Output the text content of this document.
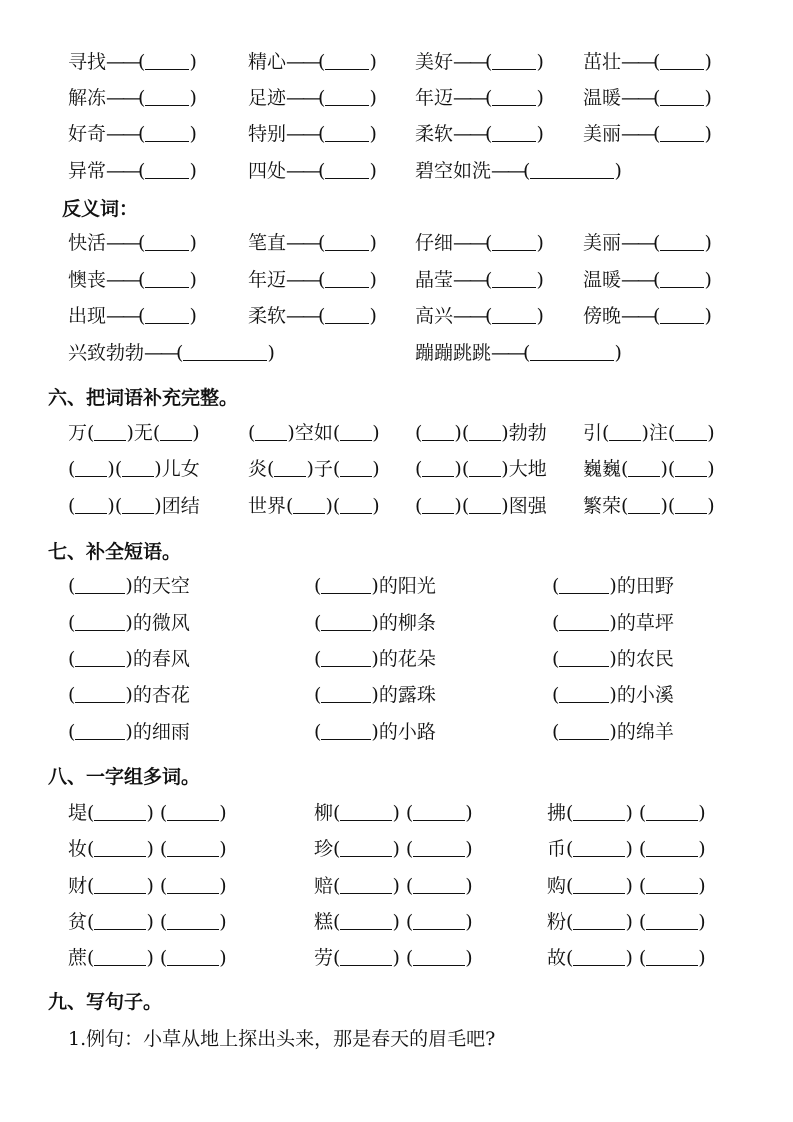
寻找——( )	精心——( ) 美好——( ) 茁壮——( )
解冻——( )	足迹——( ) 年迈——( ) 温暖——( )
好奇——( )	特别——( ) 柔软——( ) 美丽——( )
异常——( )	四处——( ) 碧空如洗——(	)
反义词：
快活——( )	笔直——( ) 仔细——( ) 美丽——( )
懊丧——( )	年迈——( ) 晶莹——( ) 温暖——( )
出现——( )	柔软——( ) 高兴——( ) 傍晚——( )
兴致勃勃——(	)	蹦蹦跳跳——(	)
六、把词语补充完整。
万( )无( )	( )空如( ) ( )( )勃勃 引( )注( )
( )( )儿女	炎( )子( ) ( )( )大地 巍巍( )( )
( )( )团结	世界( )( ) ( )( )图强 繁荣( )( )
七、补全短语。
(	)的天空	(	)的阳光	(	)的田野
(	)的微风	(	)的柳条	(	)的草坪
(	)的春风	(	)的花朵	(	)的农民
(	)的杏花	(	)的露珠	(	)的小溪
(	)的细雨	(	)的小路	(	)的绵羊
八、一字组多词。
堤(	) (	)	柳(	) (	)	拂(	) (	)
妆(	) (	)	珍(	) (	)	币(	) (	)
财(	) (	)	赔(	) (	)	购(	) (	)
贫(	) (	)	糕(	) (	)	粉(	) (	)
蔗(	) (	)	劳(	) (	)	故(	) (	)
九、写句子。
1.例句：小草从地上探出头来，那是春天的眉毛吧?
